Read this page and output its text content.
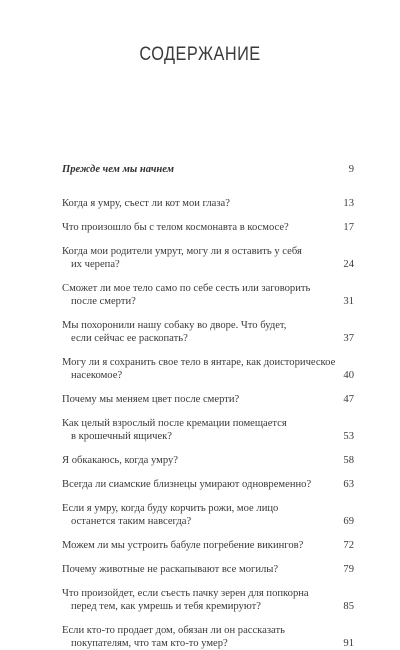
СОДЕРЖАНИЕ
Прежде чем мы начнем	9
Когда я умру, съест ли кот мои глаза?	13
Что произошло бы с телом космонавта в космосе?	17
Когда мои родители умрут, могу ли я оставить у себя
их черепа?	24
Сможет ли мое тело само по себе сесть или заговорить
после смерти?	31
Мы похоронили нашу собаку во дворе. Что будет,
если сейчас ее раскопать?	37
Могу ли я сохранить свое тело в янтаре, как доисторическое
насекомое?	40
Почему мы меняем цвет после смерти?	47
Как целый взрослый после кремации помещается
в крошечный ящичек?	53
Я обкакаюсь, когда умру?	58
Всегда ли сиамские близнецы умирают одновременно?	63
Если я умру, когда буду корчить рожи, мое лицо
останется таким навсегда?	69
Можем ли мы устроить бабуле погребение викингов?	72
Почему животные не раскапывают все могилы?	79
Что произойдет, если съесть пачку зерен для попкорна
перед тем, как умрешь и тебя кремируют?	85
Если кто-то продает дом, обязан ли он рассказать
покупателям, что там кто-то умер?	91
